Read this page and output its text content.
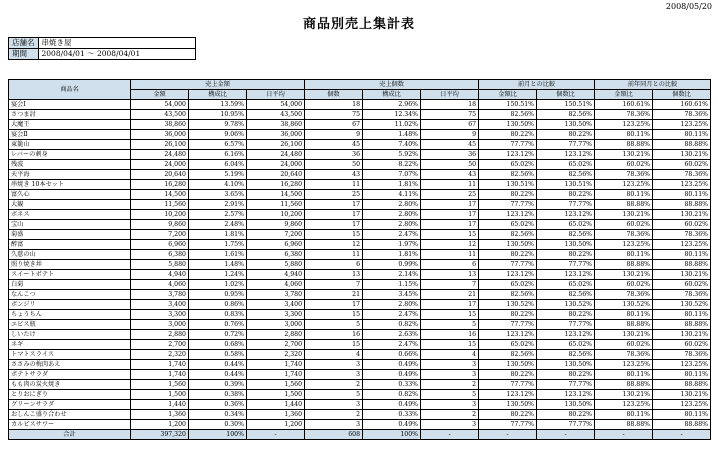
2008/05/20
商品別売上集計表
店舗名	串焼き屋
期間	2008/04/01 ～ 2008/04/01
商品名	売上金額			売上個数			前月との比較		前年同月との比較	
	金額	構成比	日平均	個数	構成比	日平均	金額比	個数比	金額比	個数比
宴会Ⅰ	54,000	13.59%	54,000	18	2.96%	18	150.51%	150.51%	160.61%	160.61%
さつま討	43,500	10.95%	43,500	75	12.34%	75	82.56%	82.56%	78.36%	78.36%
大魔王	38,860	9.78%	38,860	67	11.02%	67	130.50%	130.50%	123.25%	123.25%
宴会Ⅱ	36,000	9.06%	36,000	9	1.48%	9	80.22%	80.22%	80.11%	80.11%
東籠山	26,100	6.57%	26,100	45	7.40%	45	77.77%	77.77%	88.88%	88.88%
レバーの刺身	24,480	6.16%	24,480	36	5.92%	36	123.12%	123.12%	130.21%	130.21%
残波	24,000	6.04%	24,000	50	8.22%	50	65.02%	65.02%	60.02%	60.02%
天平海	20,640	5.19%	20,640	43	7.07%	43	82.56%	82.56%	78.36%	78.36%
串焼き 10本セット	16,280	4.10%	16,280	11	1.81%	11	130.51%	130.51%	123.25%	123.25%
富久心	14,500	3.65%	14,500	25	4.11%	25	80.22%	80.22%	80.11%	80.11%
大観	11,560	2.91%	11,560	17	2.80%	17	77.77%	77.77%	88.88%	88.88%
ボネス	10,200	2.57%	10,200	17	2.80%	17	123.12%	123.12%	130.21%	130.21%
宝山	9,860	2.48%	9,860	17	2.80%	17	65.02%	65.02%	60.02%	60.02%
菊盛	7,200	1.81%	7,200	15	2.47%	15	82.56%	82.56%	78.36%	78.36%
醉富	6,960	1.75%	6,960	12	1.97%	12	130.50%	130.50%	123.25%	123.25%
久慈の山	6,380	1.61%	6,380	11	1.81%	11	80.22%	80.22%	80.11%	80.11%
照り焼き丼	5,880	1.48%	5,880	6	0.99%	6	77.77%	77.77%	88.88%	88.88%
スイートポテト	4,940	1.24%	4,940	13	2.14%	13	123.12%	123.12%	130.21%	130.21%
白菊	4,060	1.02%	4,060	7	1.15%	7	65.02%	65.02%	60.02%	60.02%
なんこつ	3,780	0.95%	3,780	21	3.45%	21	82.56%	82.56%	78.36%	78.36%
ボンジリ	3,400	0.86%	3,400	17	2.80%	17	130.52%	130.52%	130.52%	130.52%
ちょうちん	3,300	0.83%	3,300	15	2.47%	15	80.22%	80.22%	80.11%	80.11%
エビス瓶	3,000	0.76%	3,000	5	0.82%	5	77.77%	77.77%	88.88%	88.88%
しいたけ	2,880	0.72%	2,880	16	2.63%	16	123.12%	123.12%	130.21%	130.21%
ネギ	2,700	0.68%	2,700	15	2.47%	15	65.02%	65.02%	60.02%	60.02%
トマトスライス	2,320	0.58%	2,320	4	0.66%	4	82.56%	82.56%	78.36%	78.36%
ささみの梅肉あえ	1,740	0.44%	1,740	3	0.49%	3	130.50%	130.50%	123.25%	123.25%
ポテトサラダ	1,740	0.44%	1,740	3	0.49%	3	80.22%	80.22%	80.11%	80.11%
もも肉の炭火焼き	1,560	0.39%	1,560	2	0.33%	2	77.77%	77.77%	88.88%	88.88%
とりおにぎり	1,500	0.38%	1,500	5	0.82%	5	123.12%	123.12%	130.21%	130.21%
グリーンサラダ	1,440	0.36%	1,440	3	0.49%	3	130.50%	130.50%	123.25%	123.25%
おしんこ盛り合わせ	1,360	0.34%	1,360	2	0.33%	2	80.22%	80.22%	80.11%	80.11%
カルピスサワー	1,200	0.30%	1,200	3	0.49%	3	77.77%	77.77%	88.88%	88.88%
合計	397,320	100%	-	608	100%	-	-	-	-	-
